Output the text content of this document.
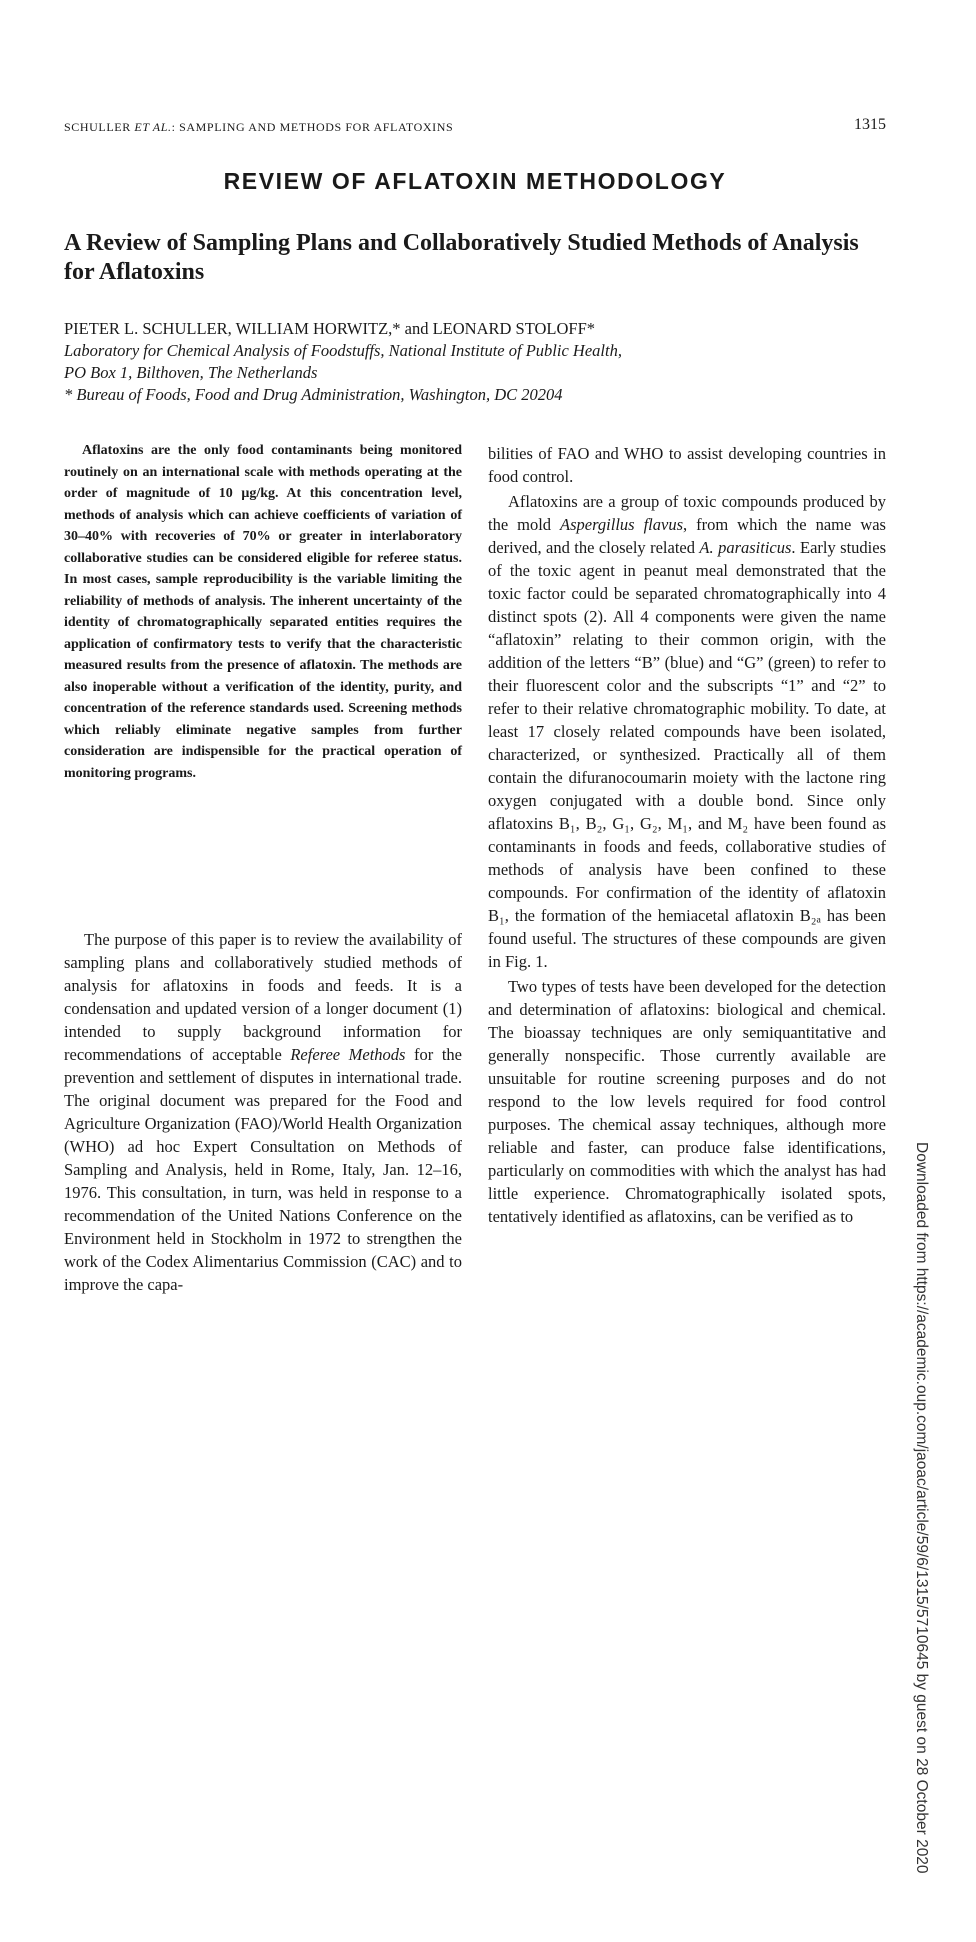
SCHULLER ET AL.: SAMPLING AND METHODS FOR AFLATOXINS	1315
REVIEW OF AFLATOXIN METHODOLOGY
A Review of Sampling Plans and Collaboratively Studied Methods of Analysis for Aflatoxins
PIETER L. SCHULLER, WILLIAM HORWITZ,* and LEONARD STOLOFF*
Laboratory for Chemical Analysis of Foodstuffs, National Institute of Public Health,
PO Box 1, Bilthoven, The Netherlands
* Bureau of Foods, Food and Drug Administration, Washington, DC 20204
Downloaded from https://academic.oup.com/jaoac/article/59/6/1315/5710645 by guest on 28 October 2020
Aflatoxins are the only food contaminants being monitored routinely on an international scale with methods operating at the order of magnitude of 10 μg/kg. At this concentration level, methods of analysis which can achieve coefficients of variation of 30–40% with recoveries of 70% or greater in interlaboratory collaborative studies can be considered eligible for referee status. In most cases, sample reproducibility is the variable limiting the reliability of methods of analysis. The inherent uncertainty of the identity of chromatographically separated entities requires the application of confirmatory tests to verify that the characteristic measured results from the presence of aflatoxin. The methods are also inoperable without a verification of the identity, purity, and concentration of the reference standards used. Screening methods which reliably eliminate negative samples from further consideration are indispensible for the practical operation of monitoring programs.

The purpose of this paper is to review the availability of sampling plans and collaboratively studied methods of analysis for aflatoxins in foods and feeds. It is a condensation and updated version of a longer document (1) intended to supply background information for recommendations of acceptable Referee Methods for the prevention and settlement of disputes in international trade. The original document was prepared for the Food and Agriculture Organization (FAO)/World Health Organization (WHO) ad hoc Expert Consultation on Methods of Sampling and Analysis, held in Rome, Italy, Jan. 12–16, 1976. This consultation, in turn, was held in response to a recommendation of the United Nations Conference on the Environment held in Stockholm in 1972 to strengthen the work of the Codex Alimentarius Commission (CAC) and to improve the capa-

bilities of FAO and WHO to assist developing countries in food control.

Aflatoxins are a group of toxic compounds produced by the mold Aspergillus flavus, from which the name was derived, and the closely related A. parasiticus. Early studies of the toxic agent in peanut meal demonstrated that the toxic factor could be separated chromatographically into 4 distinct spots (2). All 4 components were given the name “aflatoxin” relating to their common origin, with the addition of the letters “B” (blue) and “G” (green) to refer to their fluorescent color and the subscripts “1” and “2” to refer to their relative chromatographic mobility. To date, at least 17 closely related compounds have been isolated, characterized, or synthesized. Practically all of them contain the difuranocoumarin moiety with the lactone ring oxygen conjugated with a double bond. Since only aflatoxins B₁, B₂, G₁, G₂, M₁, and M₂ have been found as contaminants in foods and feeds, collaborative studies of methods of analysis have been confined to these compounds. For confirmation of the identity of aflatoxin B₁, the formation of the hemiacetal aflatoxin B₂ₐ has been found useful. The structures of these compounds are given in Fig. 1.

Two types of tests have been developed for the detection and determination of aflatoxins: biological and chemical. The bioassay techniques are only semiquantitative and generally nonspecific. Those currently available are unsuitable for routine screening purposes and do not respond to the low levels required for food control purposes. The chemical assay techniques, although more reliable and faster, can produce false identifications, particularly on commodities with which the analyst has had little experience. Chromatographically isolated spots, tentatively identified as aflatoxins, can be verified as to
